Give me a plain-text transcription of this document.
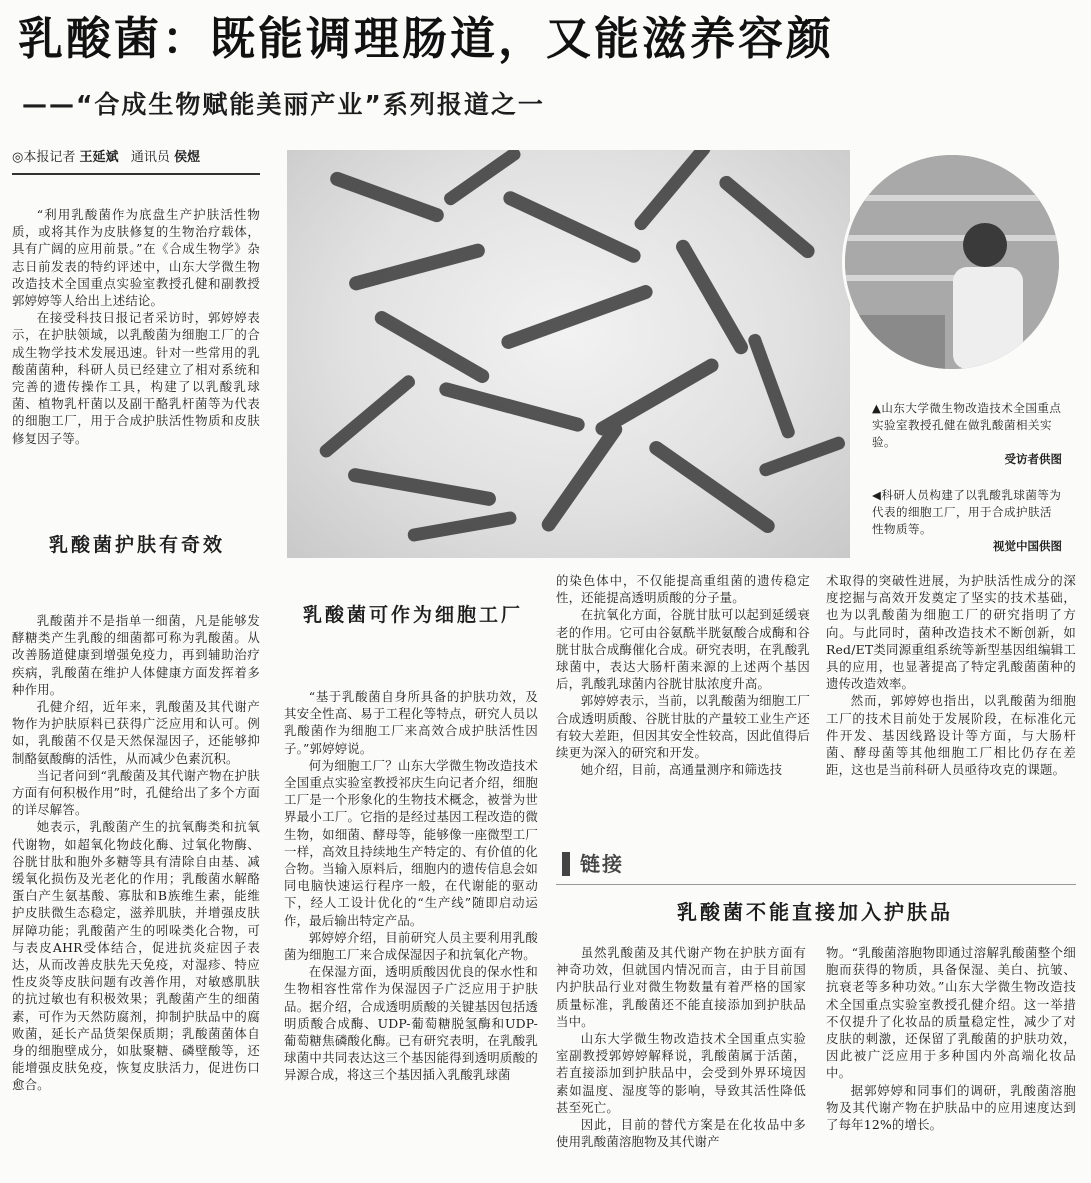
乳酸菌：既能调理肠道，又能滋养容颜
——“合成生物赋能美丽产业”系列报道之一
◎本报记者 王延斌 通讯员 侯煜

“利用乳酸菌作为底盘生产护肤活性物质，或将其作为皮肤修复的生物治疗载体，具有广阔的应用前景。”在《合成生物学》杂志日前发表的特约评述中，山东大学微生物改造技术全国重点实验室教授孔健和副教授郭婷婷等人给出上述结论。

在接受科技日报记者采访时，郭婷婷表示，在护肤领域，以乳酸菌为细胞工厂的合成生物学技术发展迅速。针对一些常用的乳酸菌菌种，科研人员已经建立了相对系统和完善的遗传操作工具，构建了以乳酸乳球菌、植物乳杆菌以及副干酪乳杆菌等为代表的细胞工厂，用于合成护肤活性物质和皮肤修复因子等。

乳酸菌护肤有奇效

乳酸菌并不是指单一细菌，凡是能够发酵糖类产生乳酸的细菌都可称为乳酸菌。从改善肠道健康到增强免疫力，再到辅助治疗疾病，乳酸菌在维护人体健康方面发挥着多种作用。

孔健介绍，近年来，乳酸菌及其代谢产物作为护肤原料已获得广泛应用和认可。例如，乳酸菌不仅是天然保湿因子，还能够抑制酪氨酸酶的活性，从而减少色素沉积。

当记者问到“乳酸菌及其代谢产物在护肤方面有何积极作用”时，孔健给出了多个方面的详尽解答。

她表示，乳酸菌产生的抗氧酶类和抗氧代谢物，如超氧化物歧化酶、过氧化物酶、谷胱甘肽和胞外多糖等具有清除自由基、减缓氧化损伤及光老化的作用；乳酸菌水解酪蛋白产生氨基酸、寡肽和B族维生素，能维护皮肤微生态稳定，滋养肌肤，并增强皮肤屏障功能；乳酸菌产生的吲哚类化合物，可与表皮AHR受体结合，促进抗炎症因子表达，从而改善皮肤先天免疫，对湿疹、特应性皮炎等皮肤问题有改善作用，对敏感肌肤的抗过敏也有积极效果；乳酸菌产生的细菌素，可作为天然防腐剂，抑制护肤品中的腐败菌，延长产品货架保质期；乳酸菌菌体自身的细胞壁成分，如肽聚糖、磷壁酸等，还能增强皮肤免疫，恢复皮肤活力，促进伤口愈合。

▲山东大学微生物改造技术全国重点实验室教授孔健在做乳酸菌相关实验。
受访者供图
◀科研人员构建了以乳酸乳球菌等为代表的细胞工厂，用于合成护肤活性物质等。
视觉中国供图
乳酸菌可作为细胞工厂

“基于乳酸菌自身所具备的护肤功效，及其安全性高、易于工程化等特点，研究人员以乳酸菌作为细胞工厂来高效合成护肤活性因子。”郭婷婷说。

何为细胞工厂？山东大学微生物改造技术全国重点实验室教授祁庆生向记者介绍，细胞工厂是一个形象化的生物技术概念，被誉为世界最小工厂。它指的是经过基因工程改造的微生物，如细菌、酵母等，能够像一座微型工厂一样，高效且持续地生产特定的、有价值的化合物。当输入原料后，细胞内的遗传信息会如同电脑快速运行程序一般，在代谢能的驱动下，经人工设计优化的“生产线”随即启动运作，最后输出特定产品。

郭婷婷介绍，目前研究人员主要利用乳酸菌为细胞工厂来合成保湿因子和抗氧化产物。

在保湿方面，透明质酸因优良的保水性和生物相容性常作为保湿因子广泛应用于护肤品。据介绍，合成透明质酸的关键基因包括透明质酸合成酶、UDP-葡萄糖脱氢酶和UDP-葡萄糖焦磷酸化酶。已有研究表明，在乳酸乳球菌中共同表达这三个基因能得到透明质酸的异源合成，将这三个基因插入乳酸乳球菌

的染色体中，不仅能提高重组菌的遗传稳定性，还能提高透明质酸的分子量。

在抗氧化方面，谷胱甘肽可以起到延缓衰老的作用。它可由谷氨酰半胱氨酸合成酶和谷胱甘肽合成酶催化合成。研究表明，在乳酸乳球菌中，表达大肠杆菌来源的上述两个基因后，乳酸乳球菌内谷胱甘肽浓度升高。

郭婷婷表示，当前，以乳酸菌为细胞工厂合成透明质酸、谷胱甘肽的产量较工业生产还有较大差距，但因其安全性较高，因此值得后续更为深入的研究和开发。

她介绍，目前，高通量测序和筛选技

术取得的突破性进展，为护肤活性成分的深度挖掘与高效开发奠定了坚实的技术基础，也为以乳酸菌为细胞工厂的研究指明了方向。与此同时，菌种改造技术不断创新，如Red/ET类同源重组系统等新型基因组编辑工具的应用，也显著提高了特定乳酸菌菌种的遗传改造效率。

然而，郭婷婷也指出，以乳酸菌为细胞工厂的技术目前处于发展阶段，在标准化元件开发、基因线路设计等方面，与大肠杆菌、酵母菌等其他细胞工厂相比仍存在差距，这也是当前科研人员亟待攻克的课题。

链接
乳酸菌不能直接加入护肤品

虽然乳酸菌及其代谢产物在护肤方面有神奇功效，但就国内情况而言，由于目前国内护肤品行业对微生物数量有着严格的国家质量标准，乳酸菌还不能直接添加到护肤品当中。

山东大学微生物改造技术全国重点实验室副教授郭婷婷解释说，乳酸菌属于活菌，若直接添加到护肤品中，会受到外界环境因素如温度、湿度等的影响，导致其活性降低甚至死亡。

因此，目前的替代方案是在化妆品中多使用乳酸菌溶胞物及其代谢产

物。“乳酸菌溶胞物即通过溶解乳酸菌整个细胞而获得的物质，具备保湿、美白、抗皱、抗衰老等多种功效。”山东大学微生物改造技术全国重点实验室教授孔健介绍。这一举措不仅提升了化妆品的质量稳定性，减少了对皮肤的刺激，还保留了乳酸菌的护肤功效，因此被广泛应用于多种国内外高端化妆品中。

据郭婷婷和同事们的调研，乳酸菌溶胞物及其代谢产物在护肤品中的应用速度达到了每年12%的增长。
